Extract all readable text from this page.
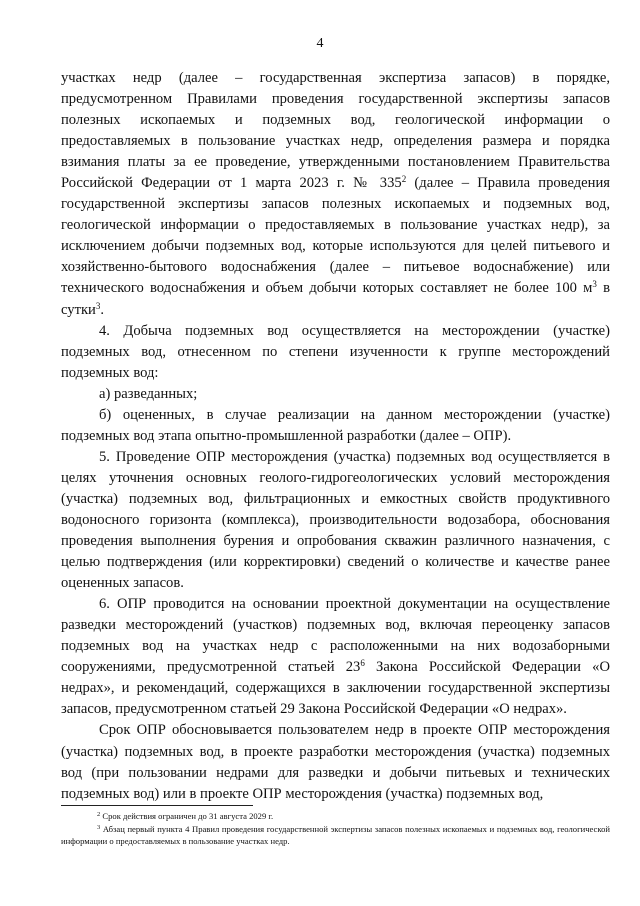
4

участках недр (далее – государственная экспертиза запасов) в порядке, предусмотренном Правилами проведения государственной экспертизы запасов полезных ископаемых и подземных вод, геологической информации о предоставляемых в пользование участках недр, определения размера и порядка взимания платы за ее проведение, утвержденными постановлением Правительства Российской Федерации от 1 марта 2023 г. № $335^2$ (далее – Правила проведения государственной экспертизы запасов полезных ископаемых и подземных вод, геологической информации о предоставляемых в пользование участках недр), за исключением добычи подземных вод, которые используются для целей питьевого и хозяйственно-бытового водоснабжения (далее – питьевое водоснабжение) или технического водоснабжения и объем добычи которых составляет не более 100 $м^3$ в сутки$^3$.

4. Добыча подземных вод осуществляется на месторождении (участке) подземных вод, отнесенном по степени изученности к группе месторождений подземных вод:

а) разведанных;

б) оцененных, в случае реализации на данном месторождении (участке) подземных вод этапа опытно-промышленной разработки (далее – ОПР).

5. Проведение ОПР месторождения (участка) подземных вод осуществляется в целях уточнения основных геолого-гидрогеологических условий месторождения (участка) подземных вод, фильтрационных и емкостных свойств продуктивного водоносного горизонта (комплекса), производительности водозабора, обоснования проведения выполнения бурения и опробования скважин различного назначения, с целью подтверждения (или корректировки) сведений о количестве и качестве ранее оцененных запасов.

6. ОПР проводится на основании проектной документации на осуществление разведки месторождений (участков) подземных вод, включая переоценку запасов подземных вод на участках недр с расположенными на них водозаборными сооружениями, предусмотренной статьей $23^6$ Закона Российской Федерации «О недрах», и рекомендаций, содержащихся в заключении государственной экспертизы запасов, предусмотренном статьей 29 Закона Российской Федерации «О недрах».

Срок ОПР обосновывается пользователем недр в проекте ОПР месторождения (участка) подземных вод, в проекте разработки месторождения (участка) подземных вод (при пользовании недрами для разведки и добычи питьевых и технических подземных вод) или в проекте ОПР месторождения (участка) подземных вод,

$^2$ Срок действия ограничен до 31 августа 2029 г.

$^3$ Абзац первый пункта 4 Правил проведения государственной экспертизы запасов полезных ископаемых и подземных вод, геологической информации о предоставляемых в пользование участках недр.
